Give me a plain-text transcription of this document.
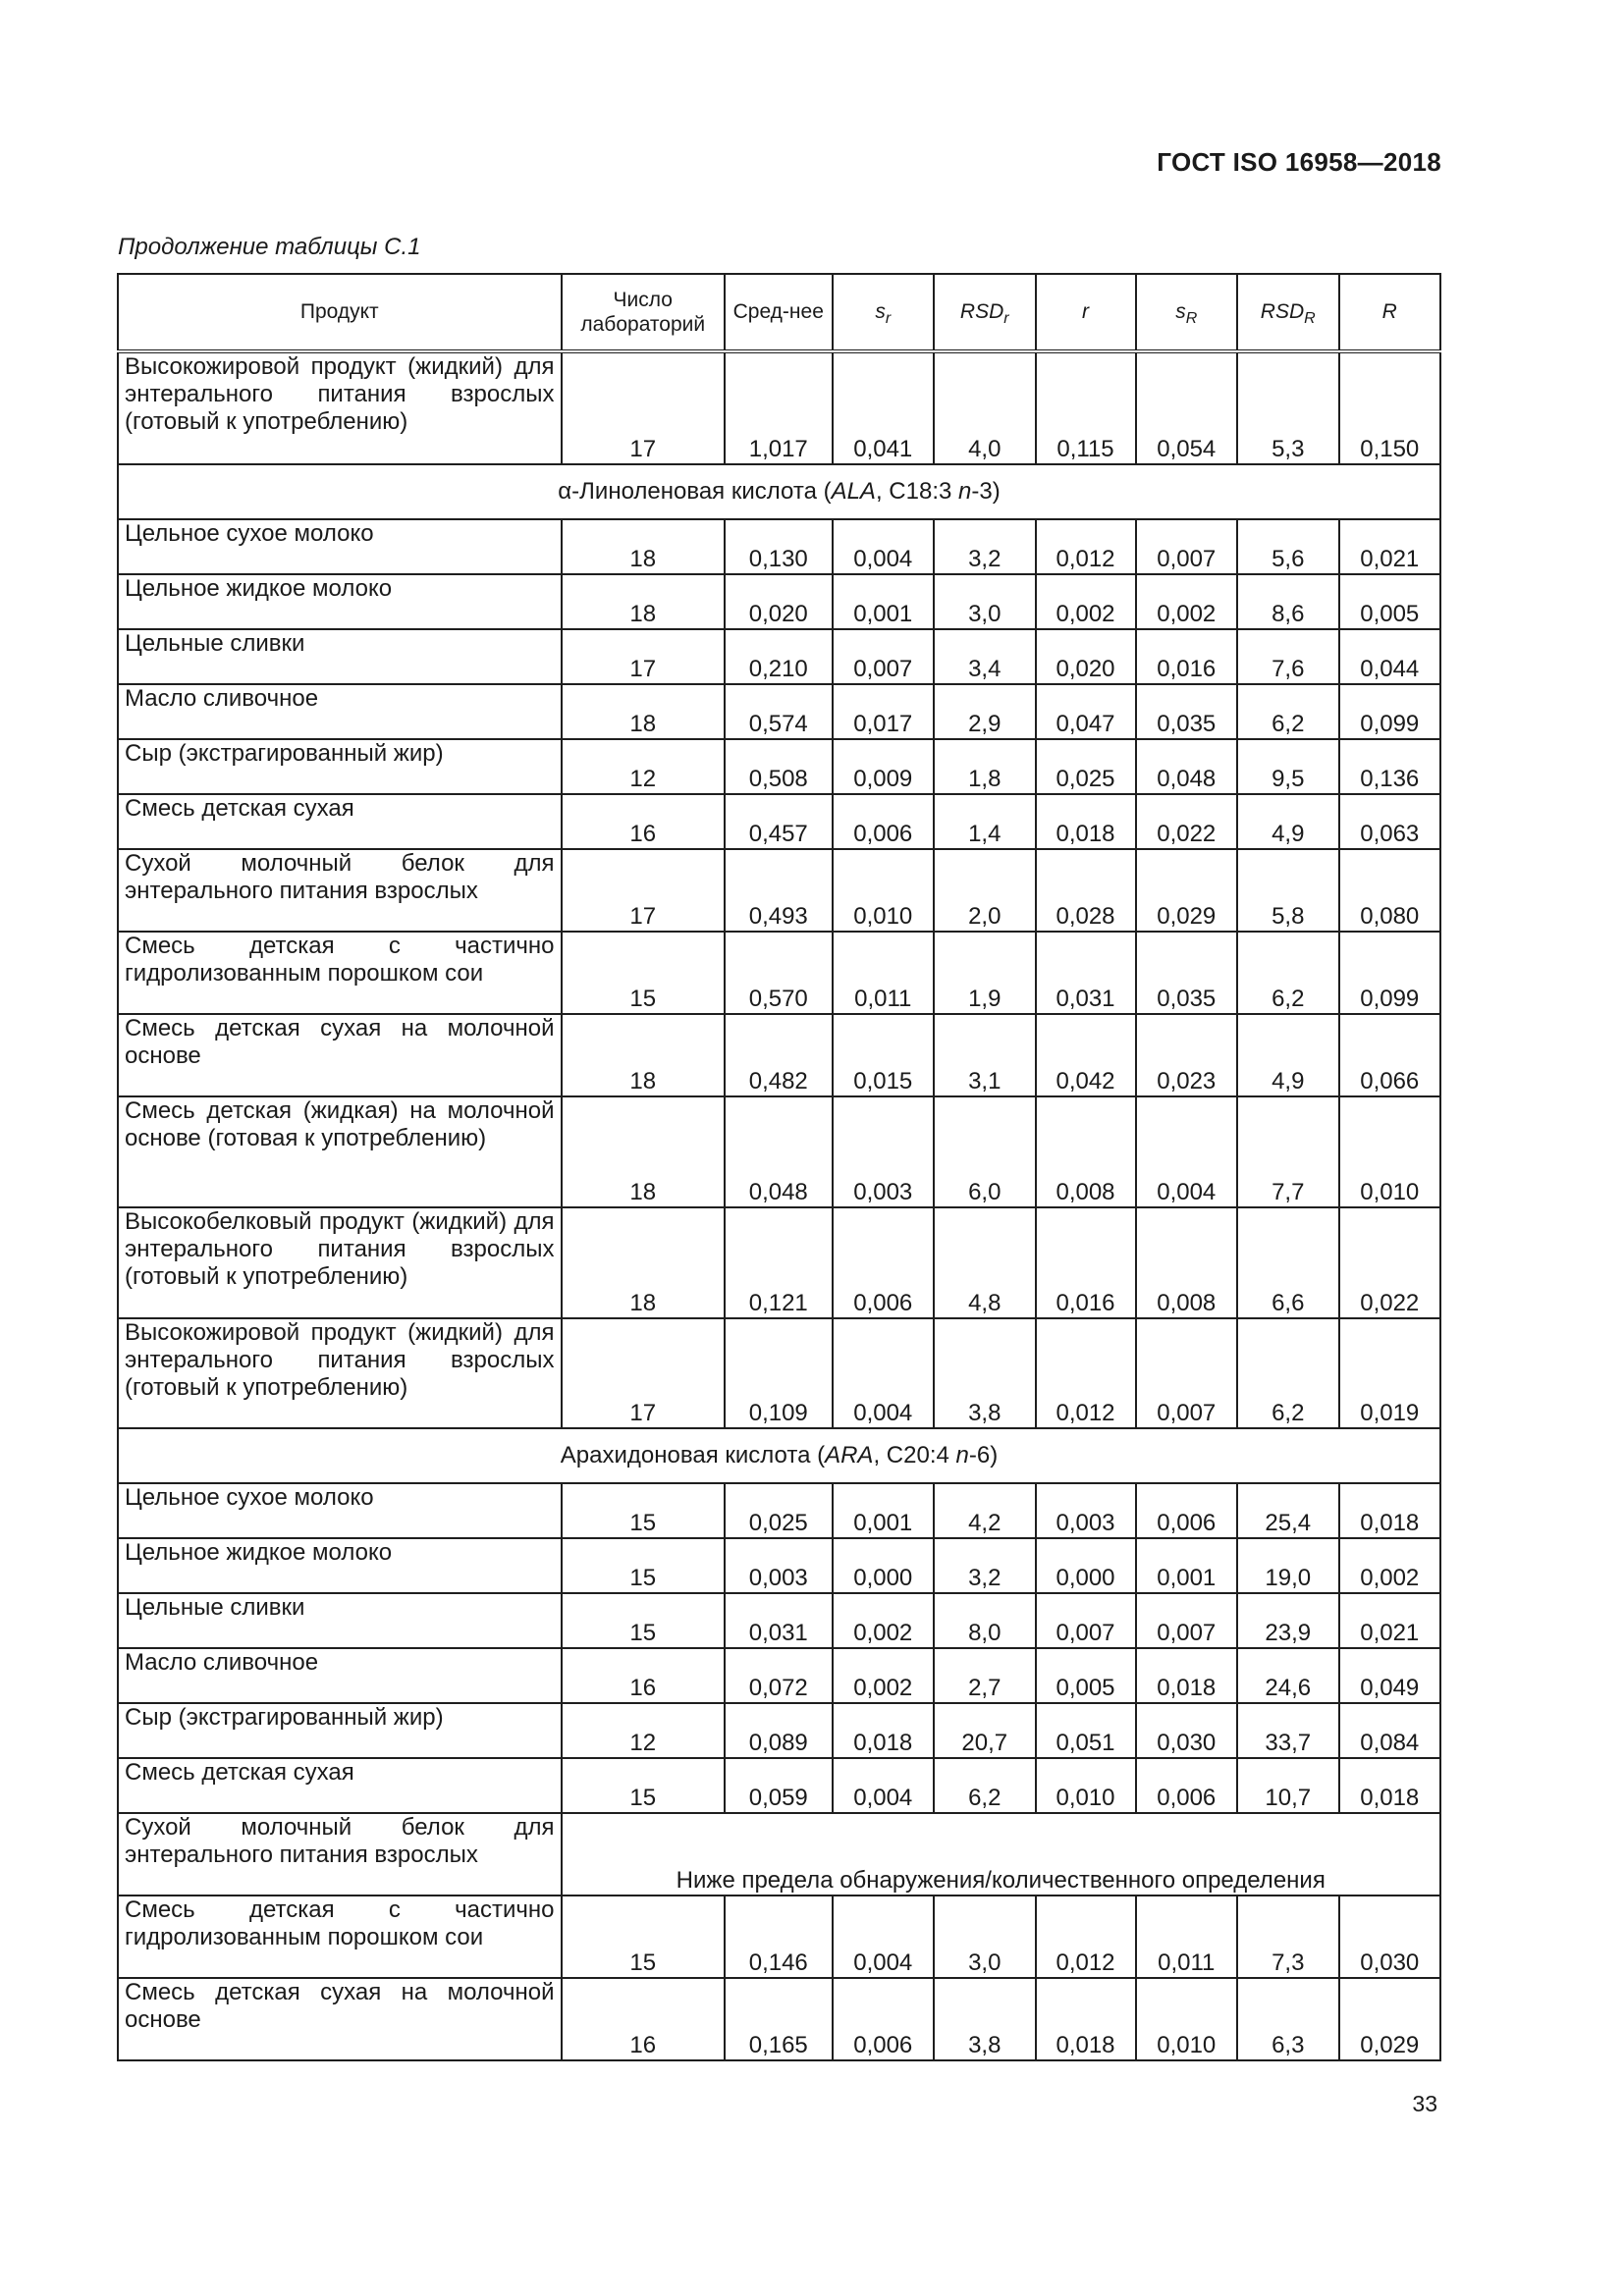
ГОСТ ISO 16958—2018
Продолжение таблицы С.1
Продукт	Число лабораторий	Сред-нее	$s_r$	$RSD_r$	r	$s_R$	$RSD_R$	R
Высокожировой продукт (жидкий) для энтерального питания взрослых (готовый к употреблению)	17	1,017	0,041	4,0	0,115	0,054	5,3	0,150
α-Линоленовая кислота (ALA, С18:3 n-3)								
Цельное сухое молоко	18	0,130	0,004	3,2	0,012	0,007	5,6	0,021
Цельное жидкое молоко	18	0,020	0,001	3,0	0,002	0,002	8,6	0,005
Цельные сливки	17	0,210	0,007	3,4	0,020	0,016	7,6	0,044
Масло сливочное	18	0,574	0,017	2,9	0,047	0,035	6,2	0,099
Сыр (экстрагированный жир)	12	0,508	0,009	1,8	0,025	0,048	9,5	0,136
Смесь детская сухая	16	0,457	0,006	1,4	0,018	0,022	4,9	0,063
Сухой молочный белок для энтерального питания взрослых	17	0,493	0,010	2,0	0,028	0,029	5,8	0,080
Смесь детская с частично гидролизованным порошком сои	15	0,570	0,011	1,9	0,031	0,035	6,2	0,099
Смесь детская сухая на молочной основе	18	0,482	0,015	3,1	0,042	0,023	4,9	0,066
Смесь детская (жидкая) на молочной основе (готовая к употреблению)	18	0,048	0,003	6,0	0,008	0,004	7,7	0,010
Высокобелковый продукт (жидкий) для энтерального питания взрослых (готовый к употреблению)	18	0,121	0,006	4,8	0,016	0,008	6,6	0,022
Высокожировой продукт (жидкий) для энтерального питания взрослых (готовый к употреблению)	17	0,109	0,004	3,8	0,012	0,007	6,2	0,019
Арахидоновая кислота (ARA, С20:4 n-6)								
Цельное сухое молоко	15	0,025	0,001	4,2	0,003	0,006	25,4	0,018
Цельное жидкое молоко	15	0,003	0,000	3,2	0,000	0,001	19,0	0,002
Цельные сливки	15	0,031	0,002	8,0	0,007	0,007	23,9	0,021
Масло сливочное	16	0,072	0,002	2,7	0,005	0,018	24,6	0,049
Сыр (экстрагированный жир)	12	0,089	0,018	20,7	0,051	0,030	33,7	0,084
Смесь детская сухая	15	0,059	0,004	6,2	0,010	0,006	10,7	0,018
Сухой молочный белок для энтерального питания взрослых	Ниже предела обнаружения/количественного определения							
Смесь детская с частично гидролизованным порошком сои	15	0,146	0,004	3,0	0,012	0,011	7,3	0,030
Смесь детская сухая на молочной основе	16	0,165	0,006	3,8	0,018	0,010	6,3	0,029
33
